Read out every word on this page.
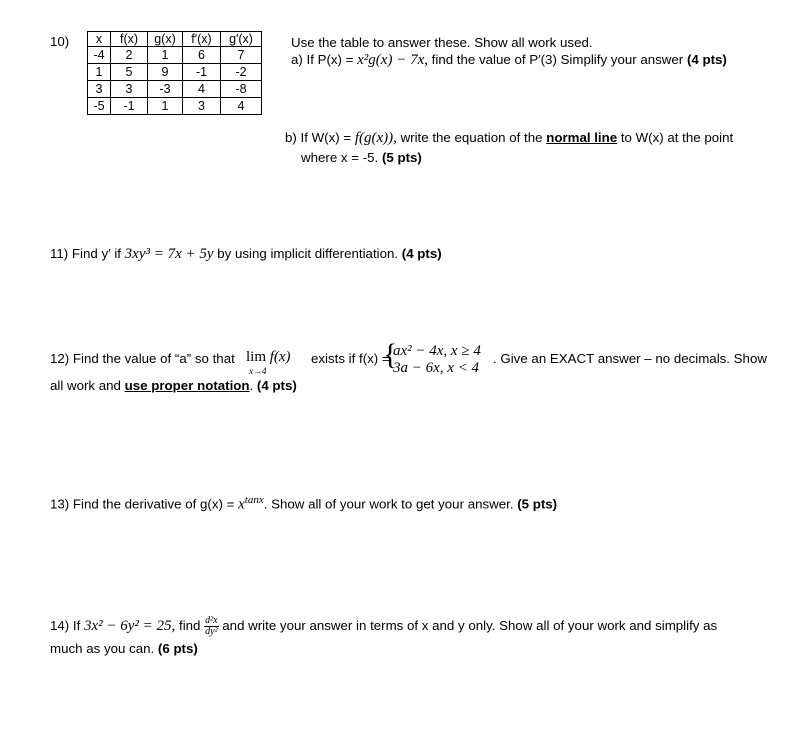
10) x	f(x)	g(x)	f′(x)	g′(x)
-4	2	1	6	7
1	5	9	-1	-2
3	3	-3	4	-8
-5	-1	1	3	4
Use the table to answer these. Show all work used.
a) If P(x) = x²g(x) − 7x, find the value of P′(3) Simplify your answer (4 pts)
b) If W(x) = f(g(x)), write the equation of the normal line to W(x) at the point
where x = -5. (5 pts)
11) Find y′ if 3xy³ = 7x + 5y by using implicit differentiation. (4 pts)
12) Find the value of “a” so that lim f(x)
x→4
exists if f(x) =
{
ax² − 4x, x ≥ 4
3a − 6x, x < 4
. Give an EXACT answer – no decimals. Show
all work and use proper notation. (4 pts)
13) Find the derivative of $g(x) = x^{tanx}$. Show all of your work to get your answer. (5 pts)
14) If 3x² − 6y² = 25, find $\frac{\text{d²x}}{\text{dy²}}$ and write your answer in terms of x and y only. Show all of your work and simplify as
much as you can. (6 pts)
